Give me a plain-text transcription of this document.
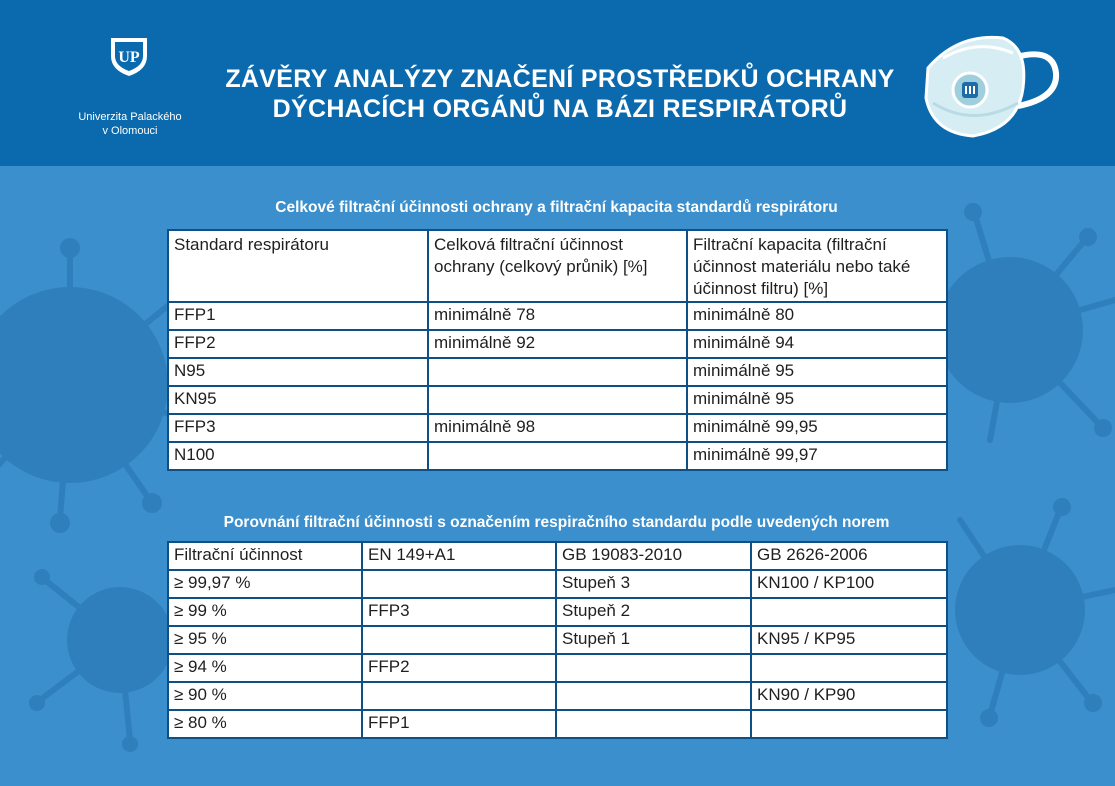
UP
Univerzita Palackého
v Olomouci
ZÁVĚRY ANALÝZY ZNAČENÍ PROSTŘEDKŮ OCHRANY
DÝCHACÍCH ORGÁNŮ NA BÁZI RESPIRÁTORŮ
Celkové filtrační účinnosti ochrany a filtrační kapacita standardů respirátoru
Standard respirátoru	Celková filtrační účinnost ochrany (celkový průnik) [%]	Filtrační kapacita (filtrační účinnost materiálu nebo také účinnost filtru) [%]
FFP1	minimálně 78	minimálně 80
FFP2	minimálně 92	minimálně 94
N95		minimálně 95
KN95		minimálně 95
FFP3	minimálně 98	minimálně 99,95
N100		minimálně 99,97
Porovnání filtrační účinnosti s označením respiračního standardu podle uvedených norem
Filtrační účinnost	EN 149+A1	GB 19083-2010	GB 2626-2006
≥ 99,97 %		Stupeň 3	KN100 / KP100
≥ 99 %	FFP3	Stupeň 2	
≥ 95 %		Stupeň 1	KN95 / KP95
≥ 94 %	FFP2		
≥ 90 %			KN90 / KP90
≥ 80 %	FFP1		
